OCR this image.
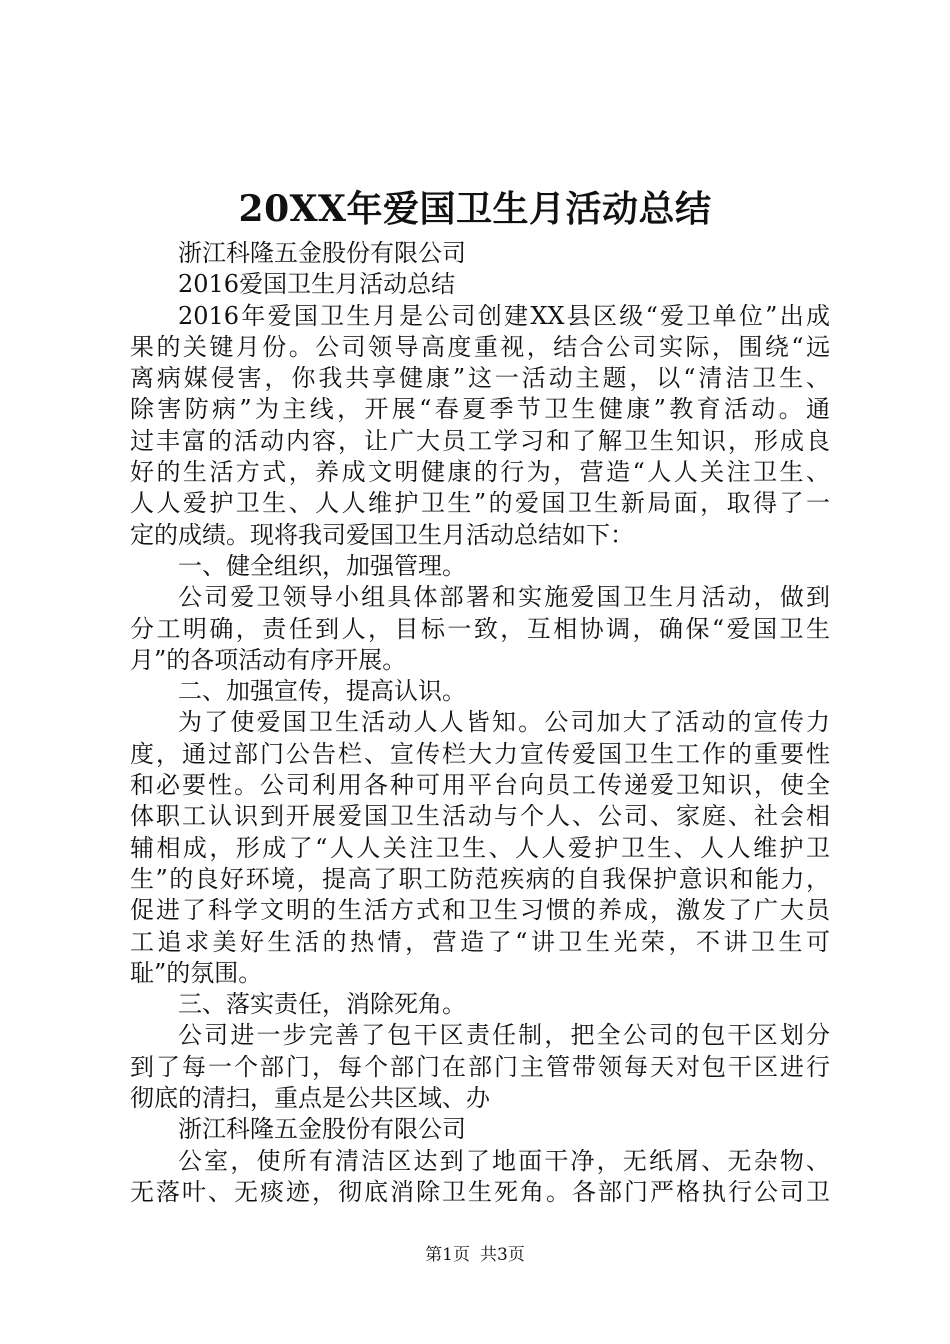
20XX年爱国卫生月活动总结
浙江科隆五金股份有限公司
2016爱国卫生月活动总结
2016年爱国卫生月是公司创建XX县区级“爱卫单位”出成
果的关键月份。公司领导高度重视，结合公司实际，围绕“远
离病媒侵害，你我共享健康”这一活动主题，以“清洁卫生、
除害防病”为主线，开展“春夏季节卫生健康”教育活动。通
过丰富的活动内容，让广大员工学习和了解卫生知识，形成良
好的生活方式，养成文明健康的行为，营造“人人关注卫生、
人人爱护卫生、人人维护卫生”的爱国卫生新局面，取得了一
定的成绩。现将我司爱国卫生月活动总结如下：
一、健全组织，加强管理。
公司爱卫领导小组具体部署和实施爱国卫生月活动，做到
分工明确，责任到人，目标一致，互相协调，确保“爱国卫生
月”的各项活动有序开展。
二、加强宣传，提高认识。
为了使爱国卫生活动人人皆知。公司加大了活动的宣传力
度，通过部门公告栏、宣传栏大力宣传爱国卫生工作的重要性
和必要性。公司利用各种可用平台向员工传递爱卫知识，使全
体职工认识到开展爱国卫生活动与个人、公司、家庭、社会相
辅相成，形成了“人人关注卫生、人人爱护卫生、人人维护卫
生”的良好环境，提高了职工防范疾病的自我保护意识和能力，
促进了科学文明的生活方式和卫生习惯的养成，激发了广大员
工追求美好生活的热情，营造了“讲卫生光荣，不讲卫生可
耻”的氛围。
三、落实责任，消除死角。
公司进一步完善了包干区责任制，把全公司的包干区划分
到了每一个部门，每个部门在部门主管带领每天对包干区进行
彻底的清扫，重点是公共区域、办
浙江科隆五金股份有限公司
公室，使所有清洁区达到了地面干净，无纸屑、无杂物、
无落叶、无痰迹，彻底消除卫生死角。各部门严格执行公司卫
第1页 共3页
